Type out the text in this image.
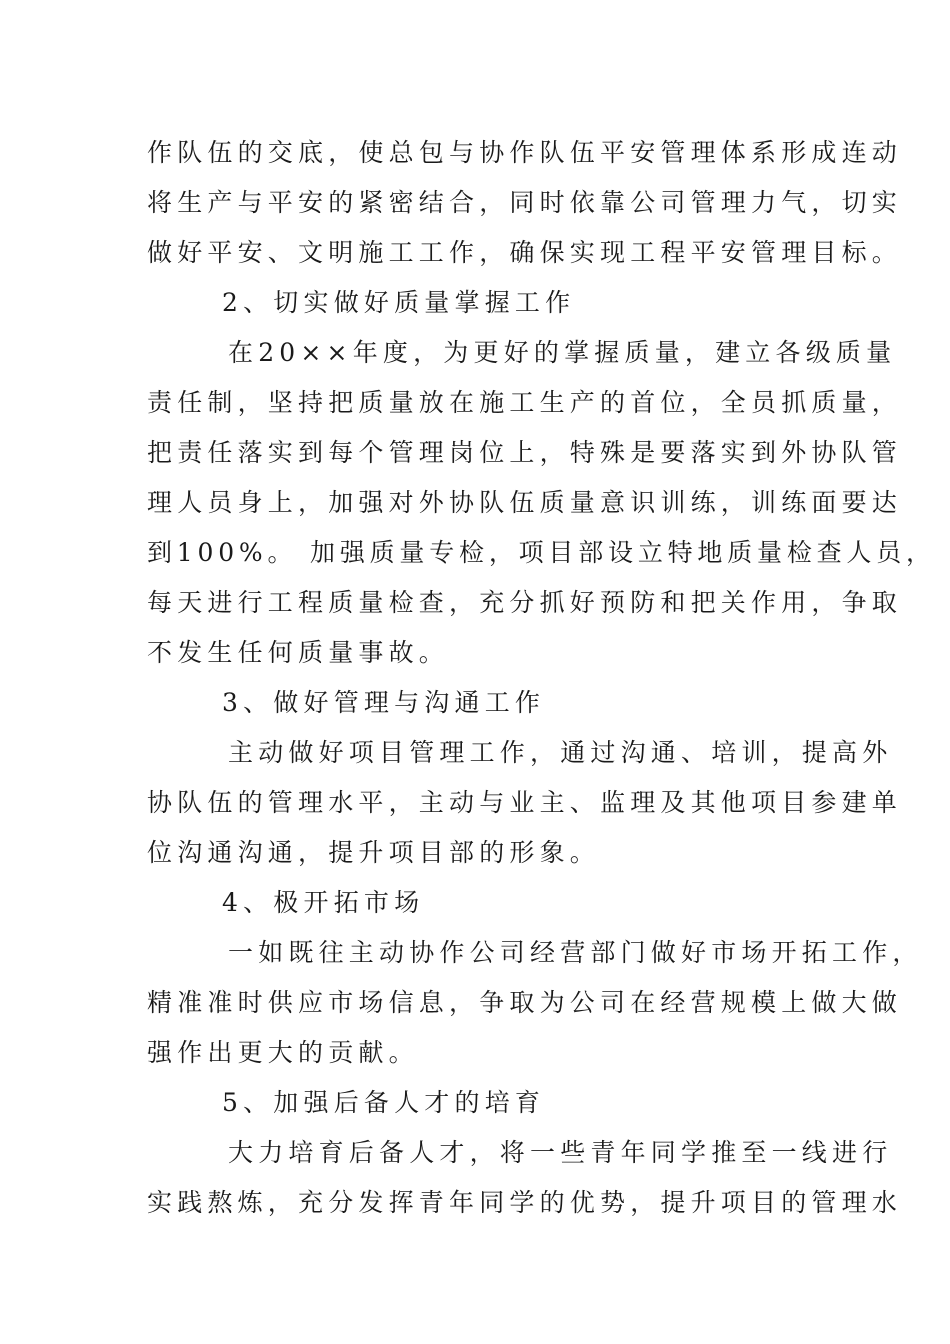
作队伍的交底，使总包与协作队伍平安管理体系形成连动
将生产与平安的紧密结合，同时依靠公司管理力气，切实
做好平安、文明施工工作，确保实现工程平安管理目标。
2、切实做好质量掌握工作
在20××年度，为更好的掌握质量，建立各级质量
责任制，坚持把质量放在施工生产的首位，全员抓质量，
把责任落实到每个管理岗位上，特殊是要落实到外协队管
理人员身上，加强对外协队伍质量意识训练，训练面要达
到100%。 加强质量专检，项目部设立特地质量检查人员，
每天进行工程质量检查，充分抓好预防和把关作用，争取
不发生任何质量事故。
3、做好管理与沟通工作
主动做好项目管理工作，通过沟通、培训，提高外
协队伍的管理水平，主动与业主、监理及其他项目参建单
位沟通沟通，提升项目部的形象。
4、极开拓市场
一如既往主动协作公司经营部门做好市场开拓工作，
精准准时供应市场信息，争取为公司在经营规模上做大做
强作出更大的贡献。
5、加强后备人才的培育
大力培育后备人才，将一些青年同学推至一线进行
实践熬炼，充分发挥青年同学的优势，提升项目的管理水
